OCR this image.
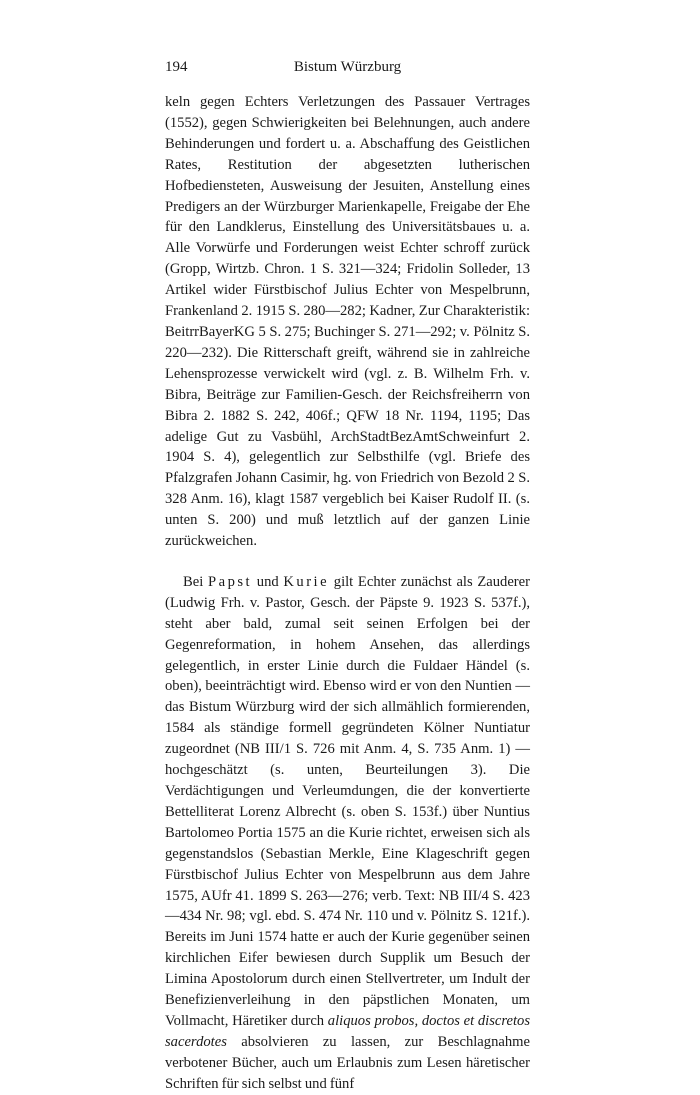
194	Bistum Würzburg

keln gegen Echters Verletzungen des Passauer Vertrages (1552), gegen Schwierigkeiten bei Belehnungen, auch andere Behinderungen und fordert u. a. Abschaffung des Geistlichen Rates, Restitution der abgesetzten lutherischen Hofbediensteten, Ausweisung der Jesuiten, Anstellung eines Predigers an der Würzburger Marienkapelle, Freigabe der Ehe für den Landklerus, Einstellung des Universitätsbaues u. a. Alle Vorwürfe und Forderungen weist Echter schroff zurück (Gropp, Wirtzb. Chron. 1 S. 321—324; Fridolin Solleder, 13 Artikel wider Fürstbischof Julius Echter von Mespelbrunn, Frankenland 2. 1915 S. 280—282; Kadner, Zur Charakteristik: BeitrrBayerKG 5 S. 275; Buchinger S. 271—292; v. Pölnitz S. 220—232). Die Ritterschaft greift, während sie in zahlreiche Lehensprozesse verwickelt wird (vgl. z. B. Wilhelm Frh. v. Bibra, Beiträge zur Familien-Gesch. der Reichsfreiherrn von Bibra 2. 1882 S. 242, 406f.; QFW 18 Nr. 1194, 1195; Das adelige Gut zu Vasbühl, ArchStadtBezAmtSchweinfurt 2. 1904 S. 4), gelegentlich zur Selbsthilfe (vgl. Briefe des Pfalzgrafen Johann Casimir, hg. von Friedrich von Bezold 2 S. 328 Anm. 16), klagt 1587 vergeblich bei Kaiser Rudolf II. (s. unten S. 200) und muß letztlich auf der ganzen Linie zurückweichen.

Bei Papst und Kurie gilt Echter zunächst als Zauderer (Ludwig Frh. v. Pastor, Gesch. der Päpste 9. 1923 S. 537f.), steht aber bald, zumal seit seinen Erfolgen bei der Gegenreformation, in hohem Ansehen, das allerdings gelegentlich, in erster Linie durch die Fuldaer Händel (s. oben), beeinträchtigt wird. Ebenso wird er von den Nuntien — das Bistum Würzburg wird der sich allmählich formierenden, 1584 als ständige formell gegründeten Kölner Nuntiatur zugeordnet (NB III/1 S. 726 mit Anm. 4, S. 735 Anm. 1) — hochgeschätzt (s. unten, Beurteilungen 3). Die Verdächtigungen und Verleumdungen, die der konvertierte Bettelliterat Lorenz Albrecht (s. oben S. 153f.) über Nuntius Bartolomeo Portia 1575 an die Kurie richtet, erweisen sich als gegenstandslos (Sebastian Merkle, Eine Klageschrift gegen Fürstbischof Julius Echter von Mespelbrunn aus dem Jahre 1575, AUfr 41. 1899 S. 263—276; verb. Text: NB III/4 S. 423—434 Nr. 98; vgl. ebd. S. 474 Nr. 110 und v. Pölnitz S. 121f.). Bereits im Juni 1574 hatte er auch der Kurie gegenüber seinen kirchlichen Eifer bewiesen durch Supplik um Besuch der Limina Apostolorum durch einen Stellvertreter, um Indult der Benefizienverleihung in den päpstlichen Monaten, um Vollmacht, Häretiker durch aliquos probos, doctos et discretos sacerdotes absolvieren zu lassen, zur Beschlagnahme verbotener Bücher, auch um Erlaubnis zum Lesen häretischer Schriften für sich selbst und fünf
